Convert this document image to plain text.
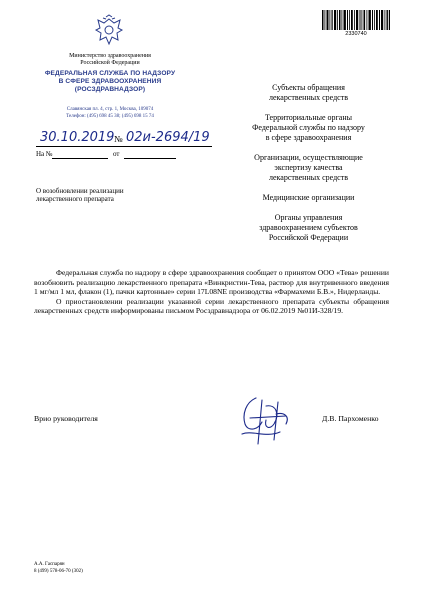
Министерство здравоохранения
Российской Федерации
ФЕДЕРАЛЬНАЯ СЛУЖБА ПО НАДЗОРУ
В СФЕРЕ ЗДРАВООХРАНЕНИЯ
(РОСЗДРАВНАДЗОР)
Славянская пл. 4, стр. 1, Москва, 109074
Телефон: (495) 698 45 38; (495) 698 15 74
2330740
30.10.2019 № 02и-2694/19
На №	от
О возобновлении реализации
лекарственного препарата
Субъекты обращения
лекарственных средств
Территориальные органы
Федеральной службы по надзору
в сфере здравоохранения
Организации, осуществляющие
экспертизу качества
лекарственных средств
Медицинские организации
Органы управления
здравоохранением субъектов
Российской Федерации

Федеральная служба по надзору в сфере здравоохранения сообщает о принятом ООО «Тева» решении возобновить реализацию лекарственного препарата «Винкристин-Тева, раствор для внутривенного введения 1 мг/мл 1 мл, флакон (1), пачки картонные» серии 17L08NE производства «Фармахеми Б.В.», Нидерланды.

О приостановлении реализации указанной серии лекарственного препарата субъекты обращения лекарственных средств информированы письмом Росздравнадзора от 06.02.2019 №01И-328/19.

Врио руководителя	Д.В. Пархоменко
А.А. Гаспарян
8 (499) 578-06-70 (302)
